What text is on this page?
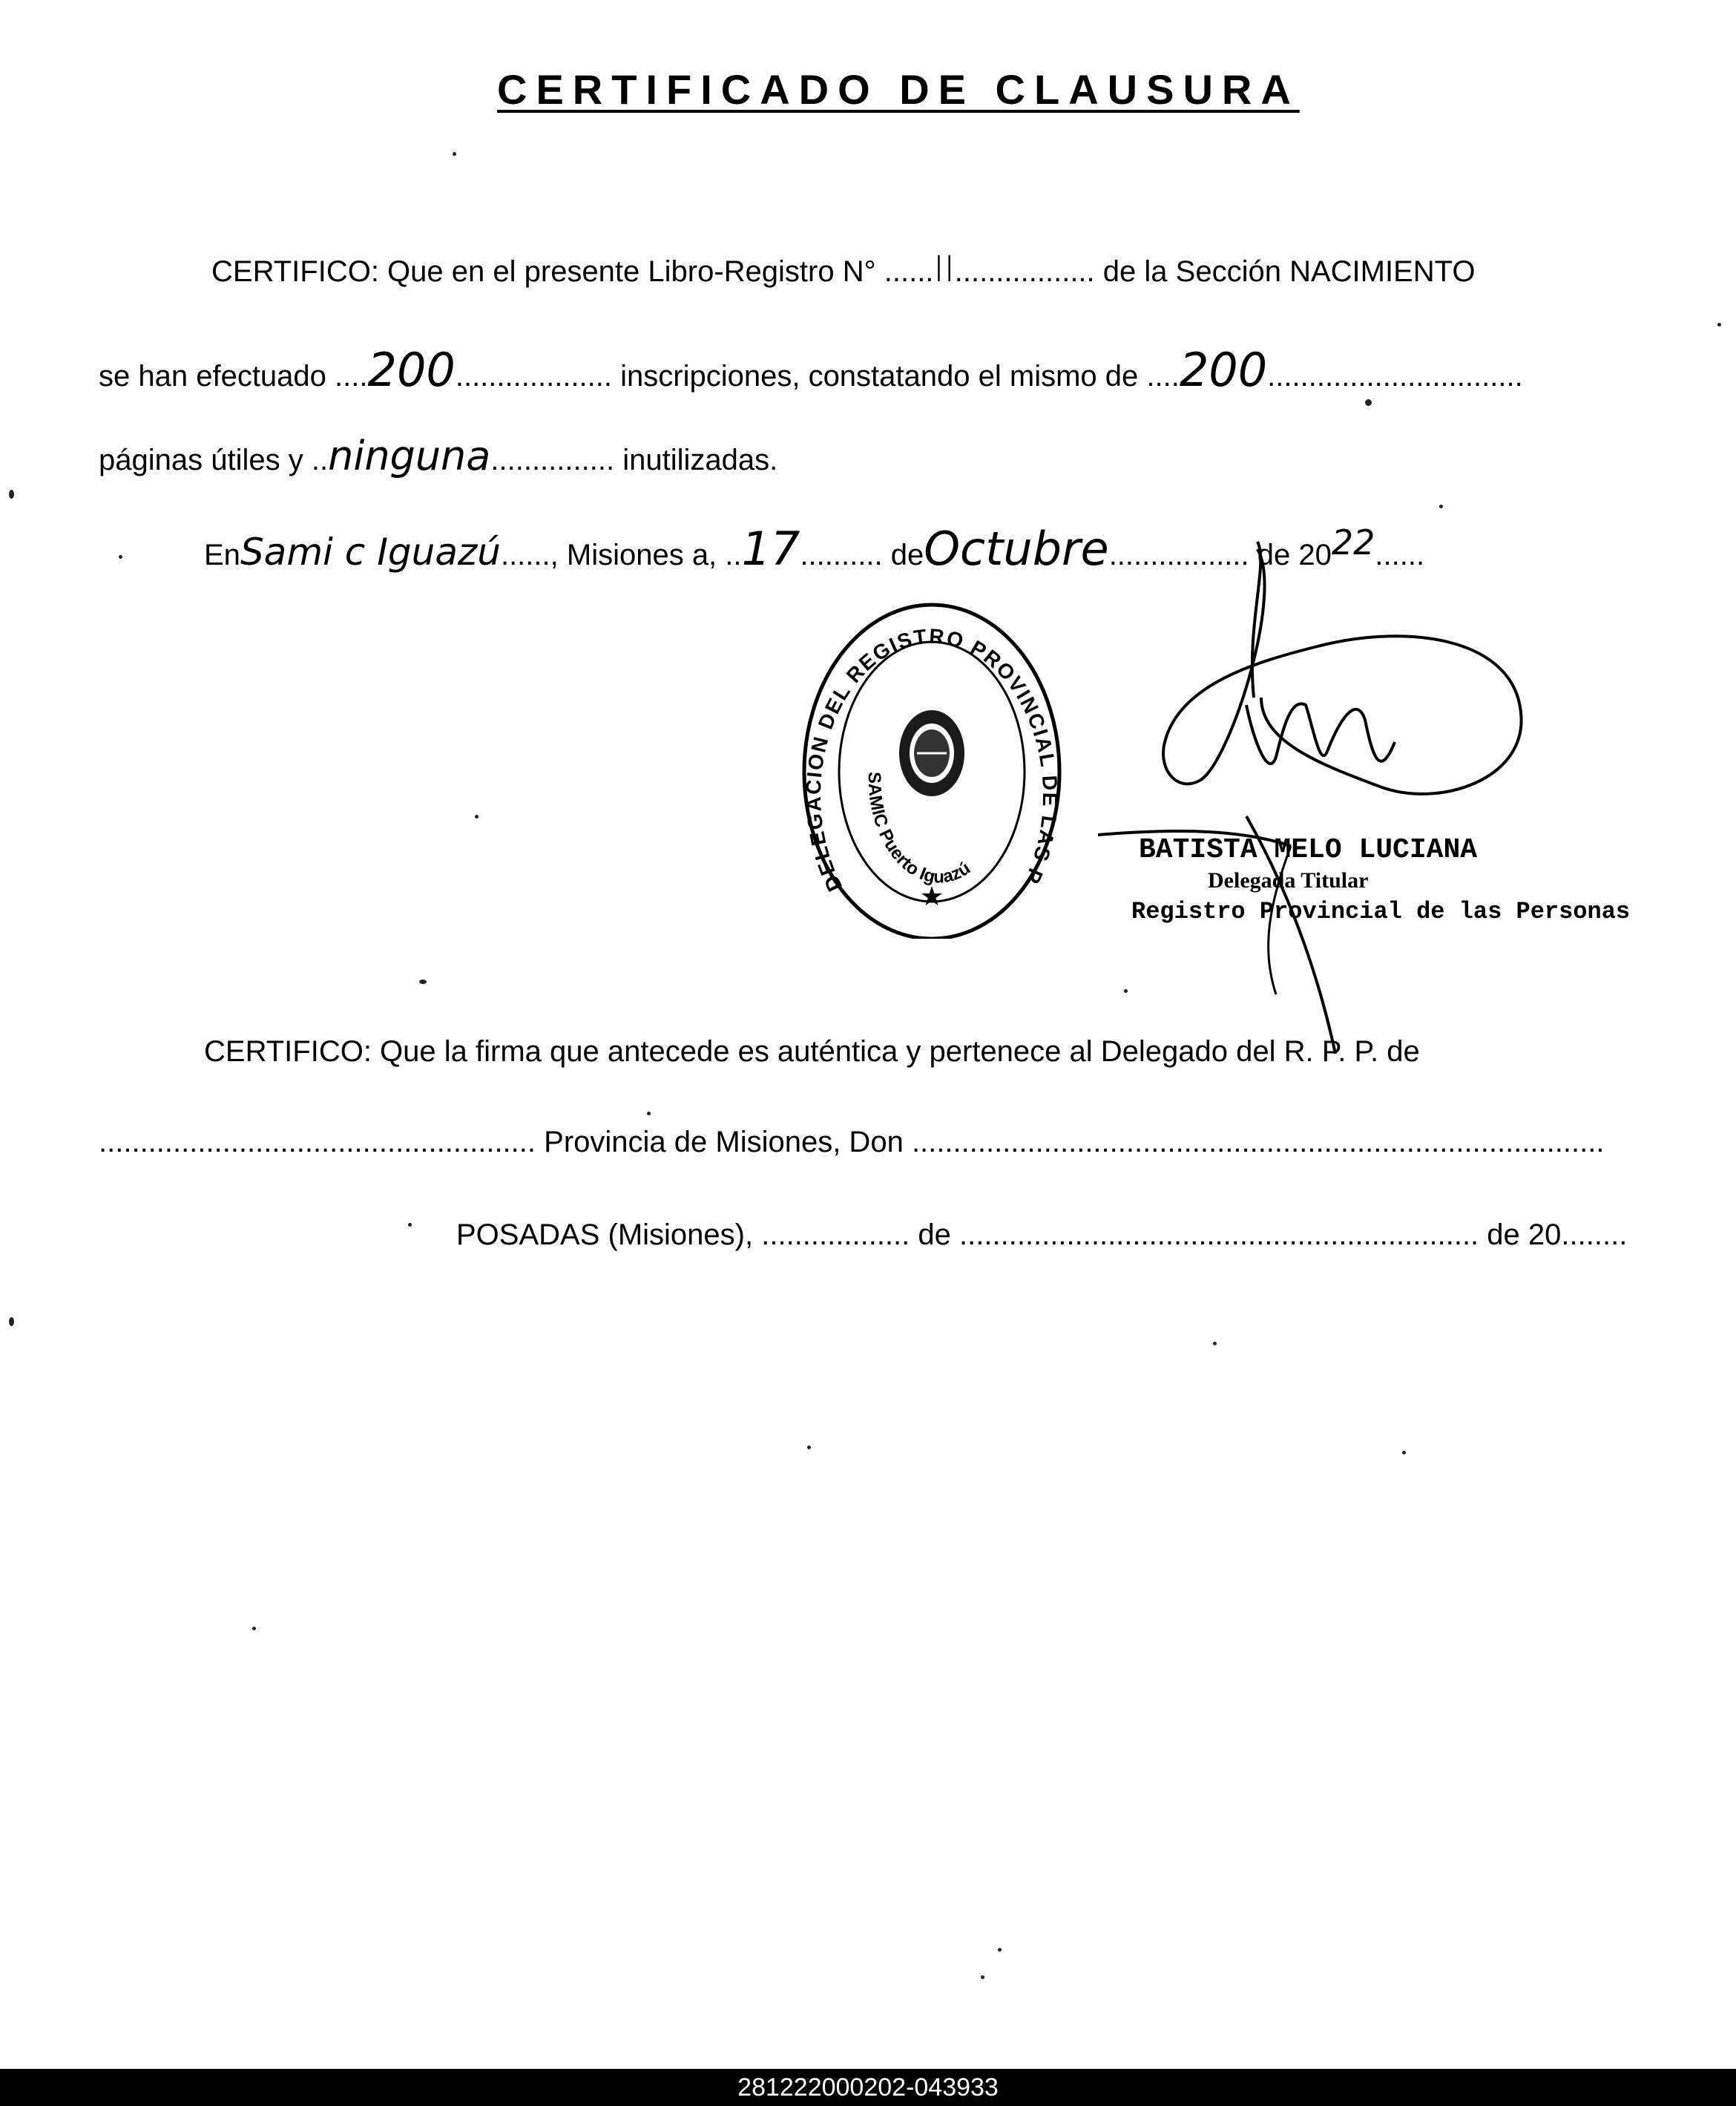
CERTIFICADO DE CLAUSURA
CERTIFICO: Que en el presente Libro-Registro N° ......II................. de la Sección NACIMIENTO
se han efectuado ....200................... inscripciones, constatando el mismo de ....200...............................
páginas útiles y ..ninguna............... inutilizadas.
EnSami c Iguazú......, Misiones a, ..17.......... deOctubre................. de 2022......
DELEGACION DEL REGISTRO PROVINCIAL DE LAS P
SAMIC Puerto Iguazú
★
BATISTA MELO LUCIANA
Delegada Titular
Registro Provincial de las Personas
CERTIFICO: Que la firma que antecede es auténtica y pertenece al Delegado del R. P. P. de
..................................................... Provincia de Misiones, Don ....................................................................................
POSADAS (Misiones), .................. de ............................................................... de 20........
281222000202-043933
